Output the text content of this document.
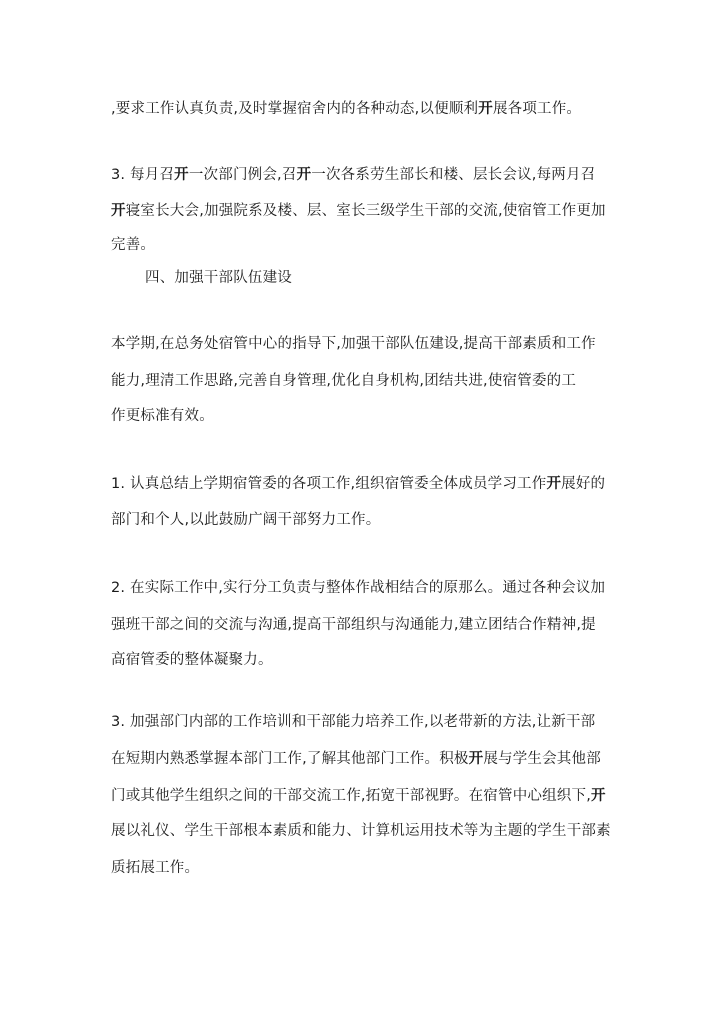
,要求工作认真负责,及时掌握宿舍内的各种动态,以便顺利开展各项工作。
3. 每月召开一次部门例会,召开一次各系劳生部长和楼、层长会议,每两月召
开寝室长大会,加强院系及楼、层、室长三级学生干部的交流,使宿管工作更加
完善。
四、加强干部队伍建设
本学期,在总务处宿管中心的指导下,加强干部队伍建设,提高干部素质和工作
能力,理清工作思路,完善自身管理,优化自身机构,团结共进,使宿管委的工
作更标准有效。
1. 认真总结上学期宿管委的各项工作,组织宿管委全体成员学习工作开展好的
部门和个人,以此鼓励广阔干部努力工作。
2. 在实际工作中,实行分工负责与整体作战相结合的原那么。通过各种会议加
强班干部之间的交流与沟通,提高干部组织与沟通能力,建立团结合作精神,提
高宿管委的整体凝聚力。
3. 加强部门内部的工作培训和干部能力培养工作,以老带新的方法,让新干部
在短期内熟悉掌握本部门工作,了解其他部门工作。积极开展与学生会其他部
门或其他学生组织之间的干部交流工作,拓宽干部视野。在宿管中心组织下,开
展以礼仪、学生干部根本素质和能力、计算机运用技术等为主题的学生干部素
质拓展工作。
